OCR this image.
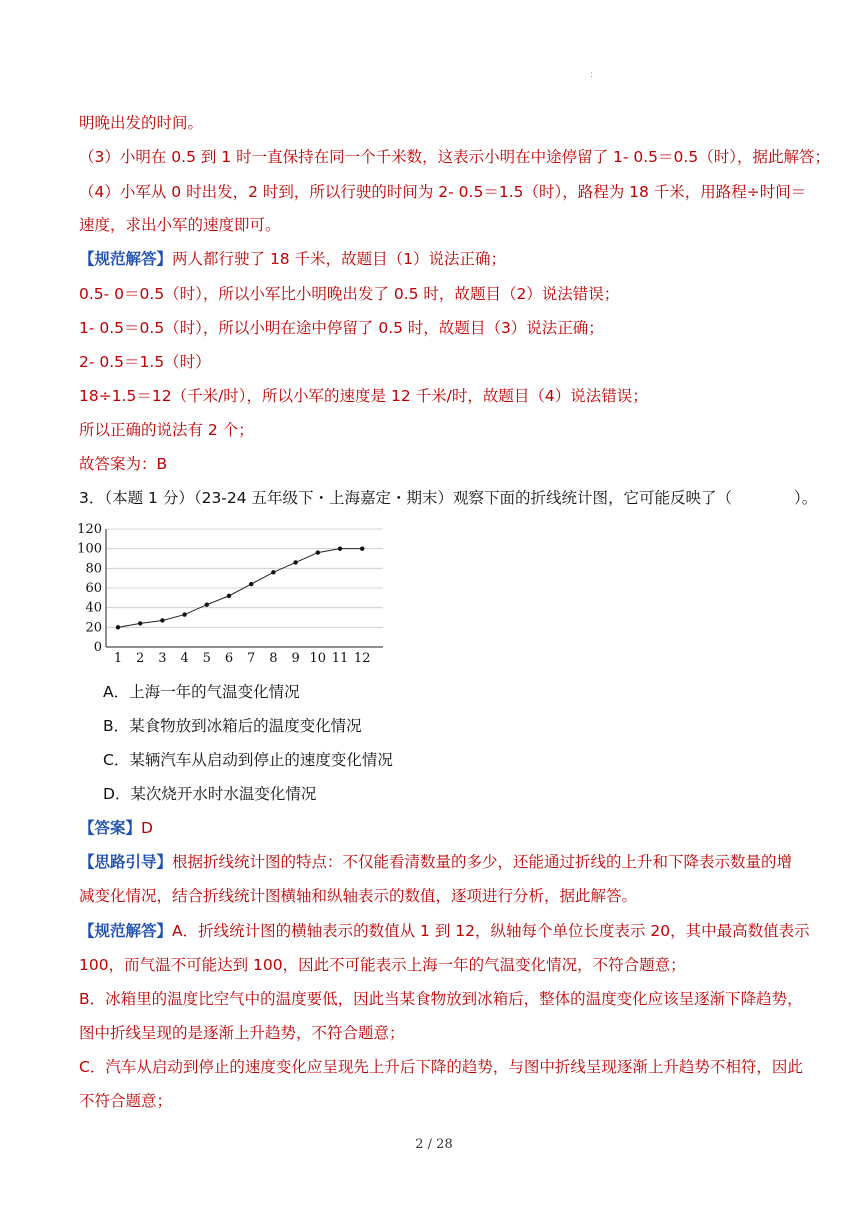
:
明晚出发的时间。
（3）小明在 0.5 到 1 时一直保持在同一个千米数，这表示小明在中途停留了 1- 0.5＝0.5（时），据此解答；
（4）小军从 0 时出发，2 时到，所以行驶的时间为 2- 0.5＝1.5（时），路程为 18 千米，用路程÷时间＝
速度，求出小军的速度即可。
【规范解答】两人都行驶了 18 千米，故题目（1）说法正确；
0.5- 0＝0.5（时），所以小军比小明晚出发了 0.5 时，故题目（2）说法错误；
1- 0.5＝0.5（时），所以小明在途中停留了 0.5 时，故题目（3）说法正确；
2- 0.5＝1.5（时）
18÷1.5＝12（千米/时），所以小军的速度是 12 千米/时，故题目（4）说法错误；
所以正确的说法有 2 个；
故答案为：B
3．（本题 1 分）（23-24 五年级下・上海嘉定・期末）观察下面的折线统计图，它可能反映了（　　　　）。
0
20
40
60
80
100
120
1 2 3 4 5 6 7 8 9 10 11 12
A．上海一年的气温变化情况
B．某食物放到冰箱后的温度变化情况
C．某辆汽车从启动到停止的速度变化情况
D．某次烧开水时水温变化情况
【答案】D
【思路引导】根据折线统计图的特点：不仅能看清数量的多少，还能通过折线的上升和下降表示数量的增
减变化情况，结合折线统计图横轴和纵轴表示的数值，逐项进行分析，据此解答。
【规范解答】A．折线统计图的横轴表示的数值从 1 到 12，纵轴每个单位长度表示 20，其中最高数值表示
100，而气温不可能达到 100，因此不可能表示上海一年的气温变化情况，不符合题意；
B．冰箱里的温度比空气中的温度要低，因此当某食物放到冰箱后，整体的温度变化应该呈逐渐下降趋势，
图中折线呈现的是逐渐上升趋势，不符合题意；
C．汽车从启动到停止的速度变化应呈现先上升后下降的趋势，与图中折线呈现逐渐上升趋势不相符，因此
不符合题意；
2 / 28
